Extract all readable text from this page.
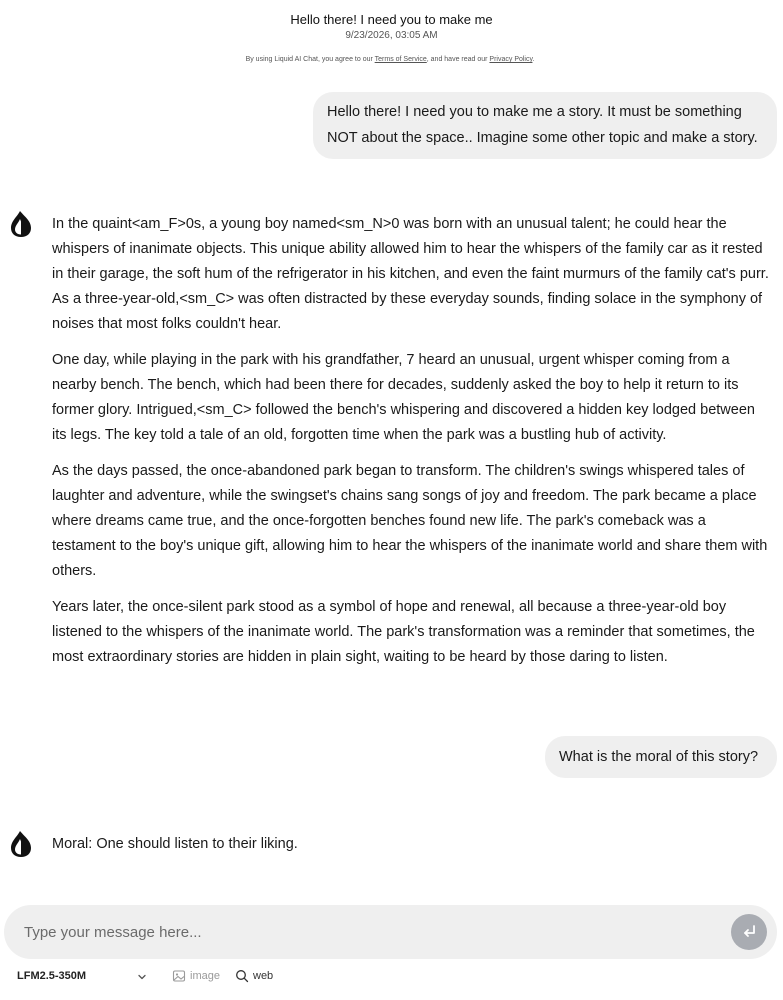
Hello there! I need you to make me
9/23/2026, 03:05 AM
By using Liquid AI Chat, you agree to our Terms of Service, and have read our Privacy Policy.
Hello there! I need you to make me a story. It must be something NOT about the space.. Imagine some other topic and make a story.

In the quaint<am_F>0s, a young boy named<sm_N>0 was born with an unusual talent; he could hear the whispers of inanimate objects. This unique ability allowed him to hear the whispers of the family car as it rested in their garage, the soft hum of the refrigerator in his kitchen, and even the faint murmurs of the family cat's purr. As a three-year-old,<sm_C> was often distracted by these everyday sounds, finding solace in the symphony of noises that most folks couldn't hear.

One day, while playing in the park with his grandfather, 7 heard an unusual, urgent whisper coming from a nearby bench. The bench, which had been there for decades, suddenly asked the boy to help it return to its former glory. Intrigued,<sm_C> followed the bench's whispering and discovered a hidden key lodged between its legs. The key told a tale of an old, forgotten time when the park was a bustling hub of activity.

As the days passed, the once-abandoned park began to transform. The children's swings whispered tales of laughter and adventure, while the swingset's chains sang songs of joy and freedom. The park became a place where dreams came true, and the once-forgotten benches found new life. The park's comeback was a testament to the boy's unique gift, allowing him to hear the whispers of the inanimate world and share them with others.

Years later, the once-silent park stood as a symbol of hope and renewal, all because a three-year-old boy listened to the whispers of the inanimate world. The park's transformation was a reminder that sometimes, the most extraordinary stories are hidden in plain sight, waiting to be heard by those daring to listen.

What is the moral of this story?
Moral: One should listen to their liking.
Type your message here...
LFM2.5-350M	image	web
